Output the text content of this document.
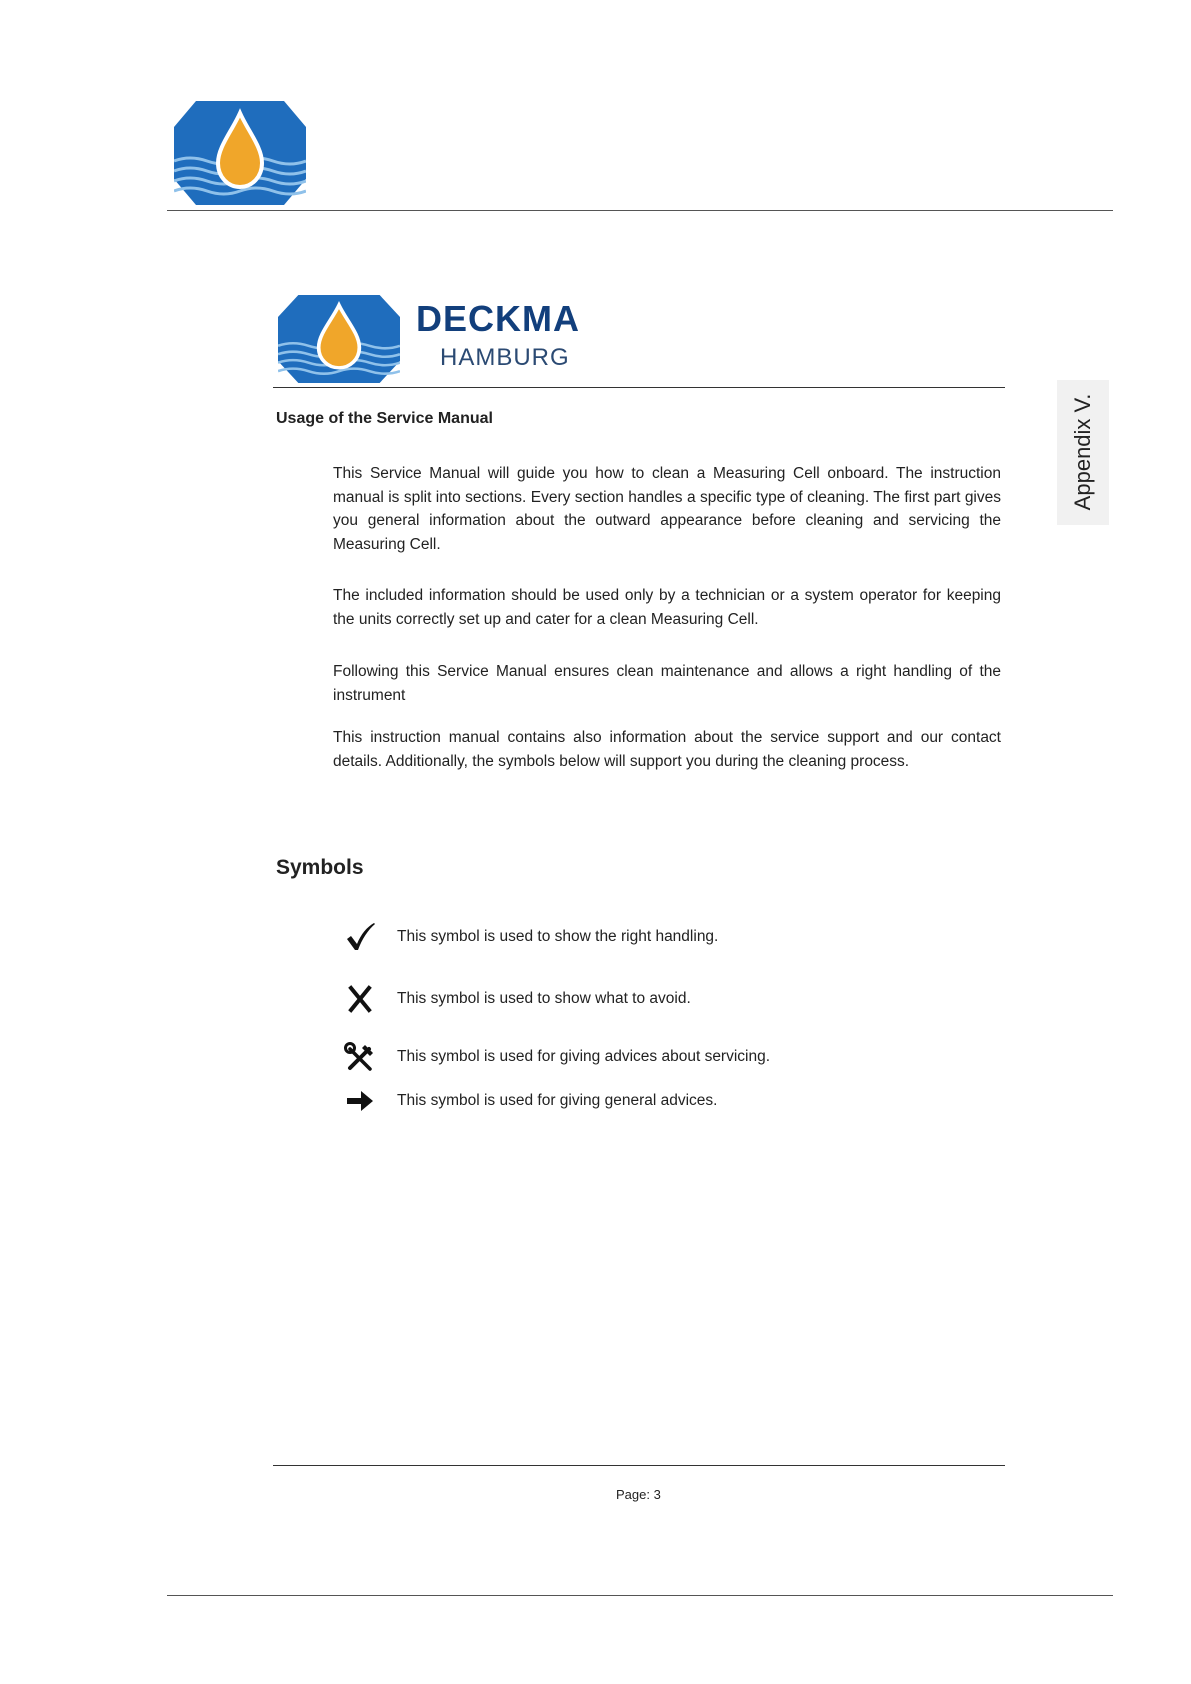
Appendix V.
DECKMA
HAMBURG
Usage of the Service Manual

This Service Manual will guide you how to clean a Measuring Cell onboard. The instruction manual is split into sections. Every section handles a specific type of cleaning. The first part gives you general information about the outward appearance before cleaning and servicing the Measuring Cell.

The included information should be used only by a technician or a system operator for keeping the units correctly set up and cater for a clean Measuring Cell.

Following this Service Manual ensures clean maintenance and allows a right handling of the instrument

This instruction manual contains also information about the service support and our contact details. Additionally, the symbols below will support you during the cleaning process.

Symbols
This symbol is used to show the right handling.
This symbol is used to show what to avoid.
This symbol is used for giving advices about servicing.
This symbol is used for giving general advices.
Page: 3
